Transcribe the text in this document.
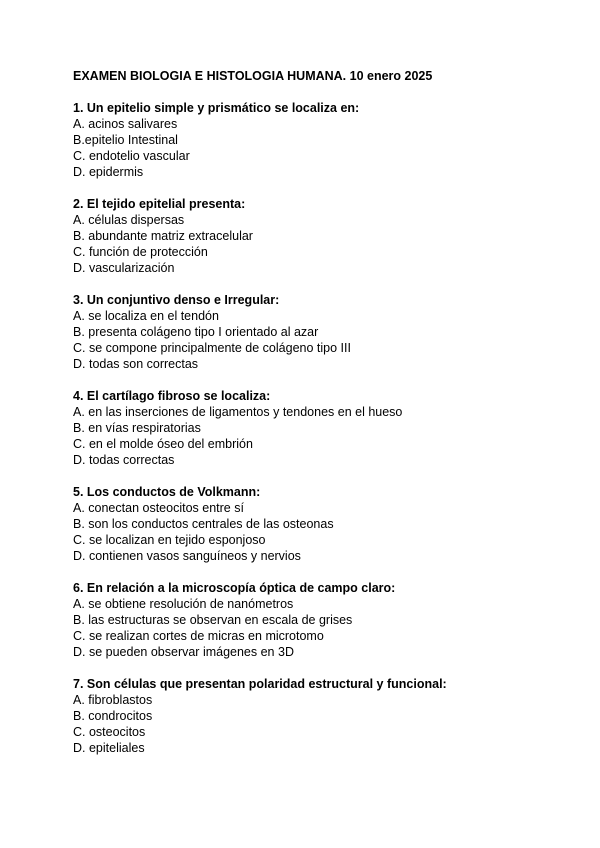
EXAMEN BIOLOGIA E HISTOLOGIA HUMANA. 10 enero 2025

1. Un epitelio simple y prismático se localiza en:

A. acinos salivares

B.epitelio Intestinal

C. endotelio vascular

D. epidermis

2. El tejido epitelial presenta:

A. células dispersas

B. abundante matriz extracelular

C. función de protección

D. vascularización

3. Un conjuntivo denso e Irregular:

A. se localiza en el tendón

B. presenta colágeno tipo I orientado al azar

C. se compone principalmente de colágeno tipo III

D. todas son correctas

4. El cartílago fibroso se localiza:

A. en las inserciones de ligamentos y tendones en el hueso

B. en vías respiratorias

C. en el molde óseo del embrión

D. todas correctas

5. Los conductos de Volkmann:

A. conectan osteocitos entre sí

B. son los conductos centrales de las osteonas

C. se localizan en tejido esponjoso

D. contienen vasos sanguíneos y nervios

6. En relación a la microscopía óptica de campo claro:

A. se obtiene resolución de nanómetros

B. las estructuras se observan en escala de grises

C. se realizan cortes de micras en microtomo

D. se pueden observar imágenes en 3D

7. Son células que presentan polaridad estructural y funcional:

A. fibroblastos

B. condrocitos

C. osteocitos

D. epiteliales
